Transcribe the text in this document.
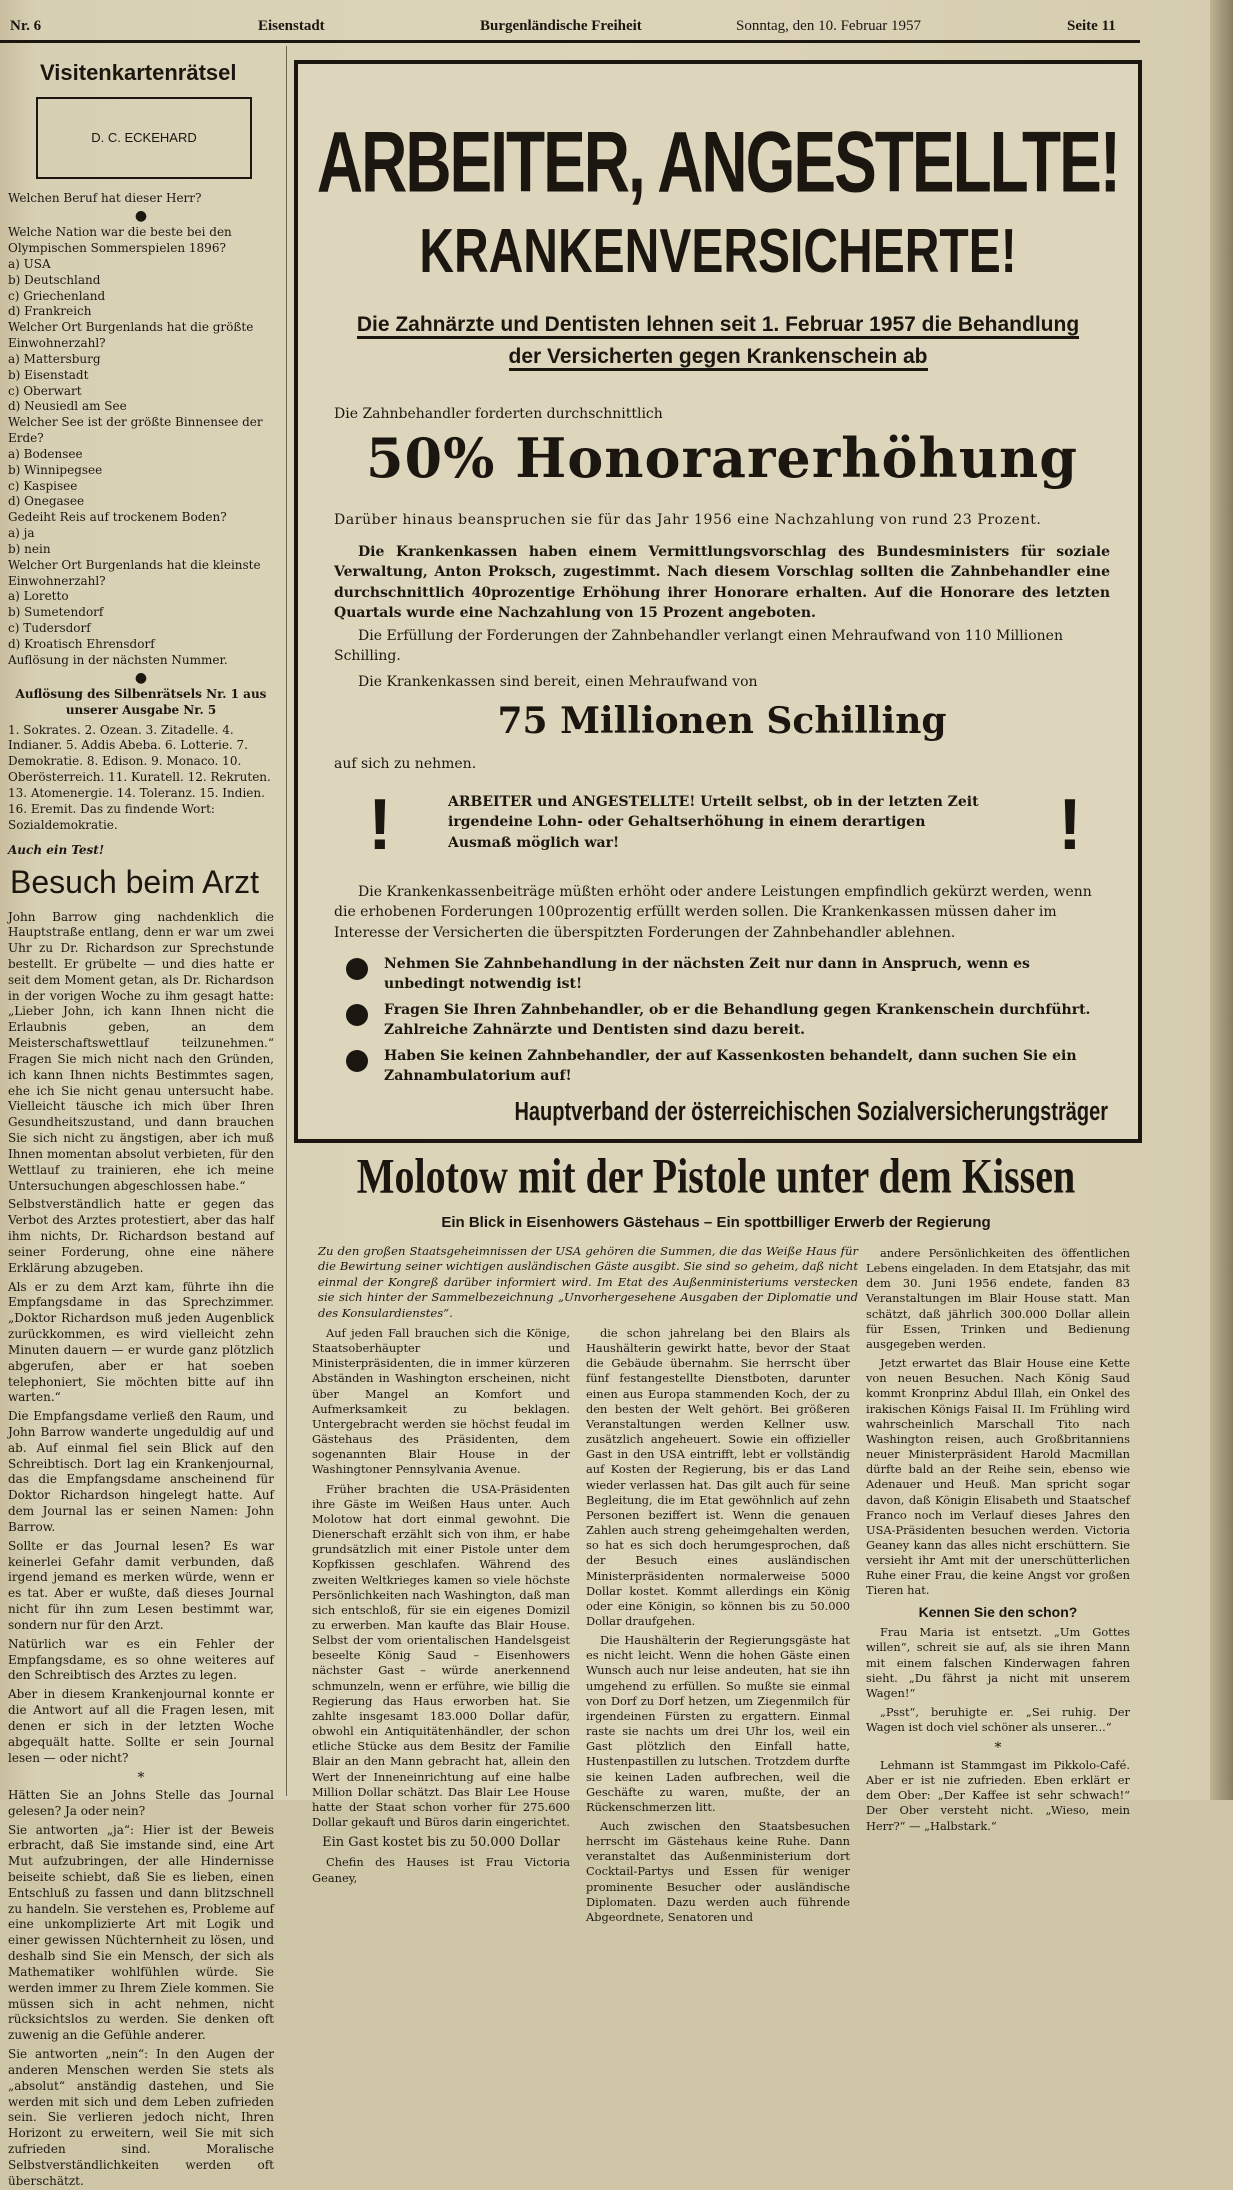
Nr. 6	Eisenstadt	Burgenländische Freiheit	Sonntag, den 10. Februar 1957	Seite 11
Visitenkartenrätsel
D. C. ECKEHARD

Welchen Beruf hat dieser Herr?

●

Welche Nation war die beste bei den Olympischen Sommerspielen 1896?

a) USA

b) Deutschland

c) Griechenland

d) Frankreich

Welcher Ort Burgenlands hat die größte Einwohnerzahl?

a) Mattersburg

b) Eisenstadt

c) Oberwart

d) Neusiedl am See

Welcher See ist der größte Binnensee der Erde?

a) Bodensee

b) Winnipegsee

c) Kaspisee

d) Onegasee

Gedeiht Reis auf trockenem Boden?

a) ja

b) nein

Welcher Ort Burgenlands hat die kleinste Einwohnerzahl?

a) Loretto

b) Sumetendorf

c) Tudersdorf

d) Kroatisch Ehrensdorf

Auflösung in der nächsten Nummer.

●

Auflösung des Silbenrätsels Nr. 1 aus unserer Ausgabe Nr. 5

1. Sokrates. 2. Ozean. 3. Zitadelle. 4. Indianer. 5. Addis Abeba. 6. Lotterie. 7. Demokratie. 8. Edison. 9. Monaco. 10. Oberösterreich. 11. Kuratell. 12. Rekruten. 13. Atomenergie. 14. Toleranz. 15. Indien. 16. Eremit. Das zu findende Wort: Sozialdemokratie.

Auch ein Test!

Besuch beim Arzt

John Barrow ging nachdenklich die Hauptstraße entlang, denn er war um zwei Uhr zu Dr. Richardson zur Sprechstunde bestellt. Er grübelte — und dies hatte er seit dem Moment getan, als Dr. Richardson in der vorigen Woche zu ihm gesagt hatte: „Lieber John, ich kann Ihnen nicht die Erlaubnis geben, an dem Meisterschaftswettlauf teilzunehmen.“ Fragen Sie mich nicht nach den Gründen, ich kann Ihnen nichts Bestimmtes sagen, ehe ich Sie nicht genau untersucht habe. Vielleicht täusche ich mich über Ihren Gesundheitszustand, und dann brauchen Sie sich nicht zu ängstigen, aber ich muß Ihnen momentan absolut verbieten, für den Wettlauf zu trainieren, ehe ich meine Untersuchungen abgeschlossen habe.“

Selbstverständlich hatte er gegen das Verbot des Arztes protestiert, aber das half ihm nichts, Dr. Richardson bestand auf seiner Forderung, ohne eine nähere Erklärung abzugeben.

Als er zu dem Arzt kam, führte ihn die Empfangsdame in das Sprechzimmer. „Doktor Richardson muß jeden Augenblick zurückkommen, es wird vielleicht zehn Minuten dauern — er wurde ganz plötzlich abgerufen, aber er hat soeben telephoniert, Sie möchten bitte auf ihn warten.“

Die Empfangsdame verließ den Raum, und John Barrow wanderte ungeduldig auf und ab. Auf einmal fiel sein Blick auf den Schreibtisch. Dort lag ein Krankenjournal, das die Empfangsdame anscheinend für Doktor Richardson hingelegt hatte. Auf dem Journal las er seinen Namen: John Barrow.

Sollte er das Journal lesen? Es war keinerlei Gefahr damit verbunden, daß irgend jemand es merken würde, wenn er es tat. Aber er wußte, daß dieses Journal nicht für ihn zum Lesen bestimmt war, sondern nur für den Arzt.

Natürlich war es ein Fehler der Empfangsdame, es so ohne weiteres auf den Schreibtisch des Arztes zu legen.

Aber in diesem Krankenjournal konnte er die Antwort auf all die Fragen lesen, mit denen er sich in der letzten Woche abgequält hatte. Sollte er sein Journal lesen — oder nicht?

*

Hätten Sie an Johns Stelle das Journal gelesen? Ja oder nein?

Sie antworten „ja“: Hier ist der Beweis erbracht, daß Sie imstande sind, eine Art Mut aufzubringen, der alle Hindernisse beiseite schiebt, daß Sie es lieben, einen Entschluß zu fassen und dann blitzschnell zu handeln. Sie verstehen es, Probleme auf eine unkomplizierte Art mit Logik und einer gewissen Nüchternheit zu lösen, und deshalb sind Sie ein Mensch, der sich als Mathematiker wohlfühlen würde. Sie werden immer zu Ihrem Ziele kommen. Sie müssen sich in acht nehmen, nicht rücksichtslos zu werden. Sie denken oft zuwenig an die Gefühle anderer.

Sie antworten „nein“: In den Augen der anderen Menschen werden Sie stets als „absolut“ anständig dastehen, und Sie werden mit sich und dem Leben zufrieden sein. Sie verlieren jedoch nicht, Ihren Horizont zu erweitern, weil Sie mit sich zufrieden sind. Moralische Selbstverständlichkeiten werden oft überschätzt.

ARBEITER, ANGESTELLTE!
KRANKENVERSICHERTE!
Die Zahnärzte und Dentisten lehnen seit 1. Februar 1957 die Behandlung
der Versicherten gegen Krankenschein ab
Die Zahnbehandler forderten durchschnittlich
50% Honorarerhöhung
Darüber hinaus beanspruchen sie für das Jahr 1956 eine Nachzahlung von rund 23 Prozent.
Die Krankenkassen haben einem Vermittlungsvorschlag des Bundesministers für soziale Verwaltung, Anton Proksch, zugestimmt. Nach diesem Vorschlag sollten die Zahnbehandler eine durchschnittlich 40prozentige Erhöhung ihrer Honorare erhalten. Auf die Honorare des letzten Quartals wurde eine Nachzahlung von 15 Prozent angeboten.
Die Erfüllung der Forderungen der Zahnbehandler verlangt einen Mehraufwand von 110 Millionen Schilling.
Die Krankenkassen sind bereit, einen Mehraufwand von
75 Millionen Schilling
auf sich zu nehmen.
!	!
ARBEITER und ANGESTELLTE! Urteilt selbst, ob in der letzten Zeit irgendeine Lohn- oder Gehaltserhöhung in einem derartigen Ausmaß möglich war!
Die Krankenkassenbeiträge müßten erhöht oder andere Leistungen empfindlich gekürzt werden, wenn die erhobenen Forderungen 100prozentig erfüllt werden sollen. Die Krankenkassen müssen daher im Interesse der Versicherten die überspitzten Forderungen der Zahnbehandler ablehnen.
Nehmen Sie Zahnbehandlung in der nächsten Zeit nur dann in Anspruch, wenn es unbedingt notwendig ist!
Fragen Sie Ihren Zahnbehandler, ob er die Behandlung gegen Krankenschein durchführt. Zahlreiche Zahnärzte und Dentisten sind dazu bereit.
Haben Sie keinen Zahnbehandler, der auf Kassenkosten behandelt, dann suchen Sie ein Zahnambulatorium auf!
Hauptverband der österreichischen Sozialversicherungsträger
Molotow mit der Pistole unter dem Kissen
Ein Blick in Eisenhowers Gästehaus – Ein spottbilliger Erwerb der Regierung
Zu den großen Staatsgeheimnissen der USA gehören die Summen, die das Weiße Haus für die Bewirtung seiner wichtigen ausländischen Gäste ausgibt. Sie sind so geheim, daß nicht einmal der Kongreß darüber informiert wird. Im Etat des Außenministeriums verstecken sie sich hinter der Sammelbezeichnung „Unvorhergesehene Ausgaben der Diplomatie und des Konsulardienstes“.

Auf jeden Fall brauchen sich die Könige, Staatsoberhäupter und Ministerpräsidenten, die in immer kürzeren Abständen in Washington erscheinen, nicht über Mangel an Komfort und Aufmerksamkeit zu beklagen. Untergebracht werden sie höchst feudal im Gästehaus des Präsidenten, dem sogenannten Blair House in der Washingtoner Pennsylvania Avenue.

Früher brachten die USA-Präsidenten ihre Gäste im Weißen Haus unter. Auch Molotow hat dort einmal gewohnt. Die Dienerschaft erzählt sich von ihm, er habe grundsätzlich mit einer Pistole unter dem Kopfkissen geschlafen. Während des zweiten Weltkrieges kamen so viele höchste Persönlichkeiten nach Washington, daß man sich entschloß, für sie ein eigenes Domizil zu erwerben. Man kaufte das Blair House. Selbst der vom orientalischen Handelsgeist beseelte König Saud – Eisenhowers nächster Gast – würde anerkennend schmunzeln, wenn er erführe, wie billig die Regierung das Haus erworben hat. Sie zahlte insgesamt 183.000 Dollar dafür, obwohl ein Antiquitätenhändler, der schon etliche Stücke aus dem Besitz der Familie Blair an den Mann gebracht hat, allein den Wert der Inneneinrichtung auf eine halbe Million Dollar schätzt. Das Blair Lee House hatte der Staat schon vorher für 275.600 Dollar gekauft und Büros darin eingerichtet.

Ein Gast kostet bis zu 50.000 Dollar

Chefin des Hauses ist Frau Victoria Geaney,

die schon jahrelang bei den Blairs als Haushälterin gewirkt hatte, bevor der Staat die Gebäude übernahm. Sie herrscht über fünf festangestellte Dienstboten, darunter einen aus Europa stammenden Koch, der zu den besten der Welt gehört. Bei größeren Veranstaltungen werden Kellner usw. zusätzlich angeheuert. Sowie ein offizieller Gast in den USA eintrifft, lebt er vollständig auf Kosten der Regierung, bis er das Land wieder verlassen hat. Das gilt auch für seine Begleitung, die im Etat gewöhnlich auf zehn Personen beziffert ist. Wenn die genauen Zahlen auch streng geheimgehalten werden, so hat es sich doch herumgesprochen, daß der Besuch eines ausländischen Ministerpräsidenten normalerweise 5000 Dollar kostet. Kommt allerdings ein König oder eine Königin, so können bis zu 50.000 Dollar draufgehen.

Die Haushälterin der Regierungsgäste hat es nicht leicht. Wenn die hohen Gäste einen Wunsch auch nur leise andeuten, hat sie ihn umgehend zu erfüllen. So mußte sie einmal von Dorf zu Dorf hetzen, um Ziegenmilch für irgendeinen Fürsten zu ergattern. Einmal raste sie nachts um drei Uhr los, weil ein Gast plötzlich den Einfall hatte, Hustenpastillen zu lutschen. Trotzdem durfte sie keinen Laden aufbrechen, weil die Geschäfte zu waren, mußte, der an Rückenschmerzen litt.

Auch zwischen den Staatsbesuchen herrscht im Gästehaus keine Ruhe. Dann veranstaltet das Außenministerium dort Cocktail-Partys und Essen für weniger prominente Besucher oder ausländische Diplomaten. Dazu werden auch führende Abgeordnete, Senatoren und

andere Persönlichkeiten des öffentlichen Lebens eingeladen. In dem Etatsjahr, das mit dem 30. Juni 1956 endete, fanden 83 Veranstaltungen im Blair House statt. Man schätzt, daß jährlich 300.000 Dollar allein für Essen, Trinken und Bedienung ausgegeben werden.

Jetzt erwartet das Blair House eine Kette von neuen Besuchen. Nach König Saud kommt Kronprinz Abdul Illah, ein Onkel des irakischen Königs Faisal II. Im Frühling wird wahrscheinlich Marschall Tito nach Washington reisen, auch Großbritanniens neuer Ministerpräsident Harold Macmillan dürfte bald an der Reihe sein, ebenso wie Adenauer und Heuß. Man spricht sogar davon, daß Königin Elisabeth und Staatschef Franco noch im Verlauf dieses Jahres den USA-Präsidenten besuchen werden. Victoria Geaney kann das alles nicht erschüttern. Sie versieht ihr Amt mit der unerschütterlichen Ruhe einer Frau, die keine Angst vor großen Tieren hat.

Kennen Sie den schon?

Frau Maria ist entsetzt. „Um Gottes willen“, schreit sie auf, als sie ihren Mann mit einem falschen Kinderwagen fahren sieht. „Du fährst ja nicht mit unserem Wagen!“

„Psst“, beruhigte er. „Sei ruhig. Der Wagen ist doch viel schöner als unserer...“

*

Lehmann ist Stammgast im Pikkolo-Café. Aber er ist nie zufrieden. Eben erklärt er dem Ober: „Der Kaffee ist sehr schwach!“ Der Ober versteht nicht. „Wieso, mein Herr?“ — „Halbstark.“
